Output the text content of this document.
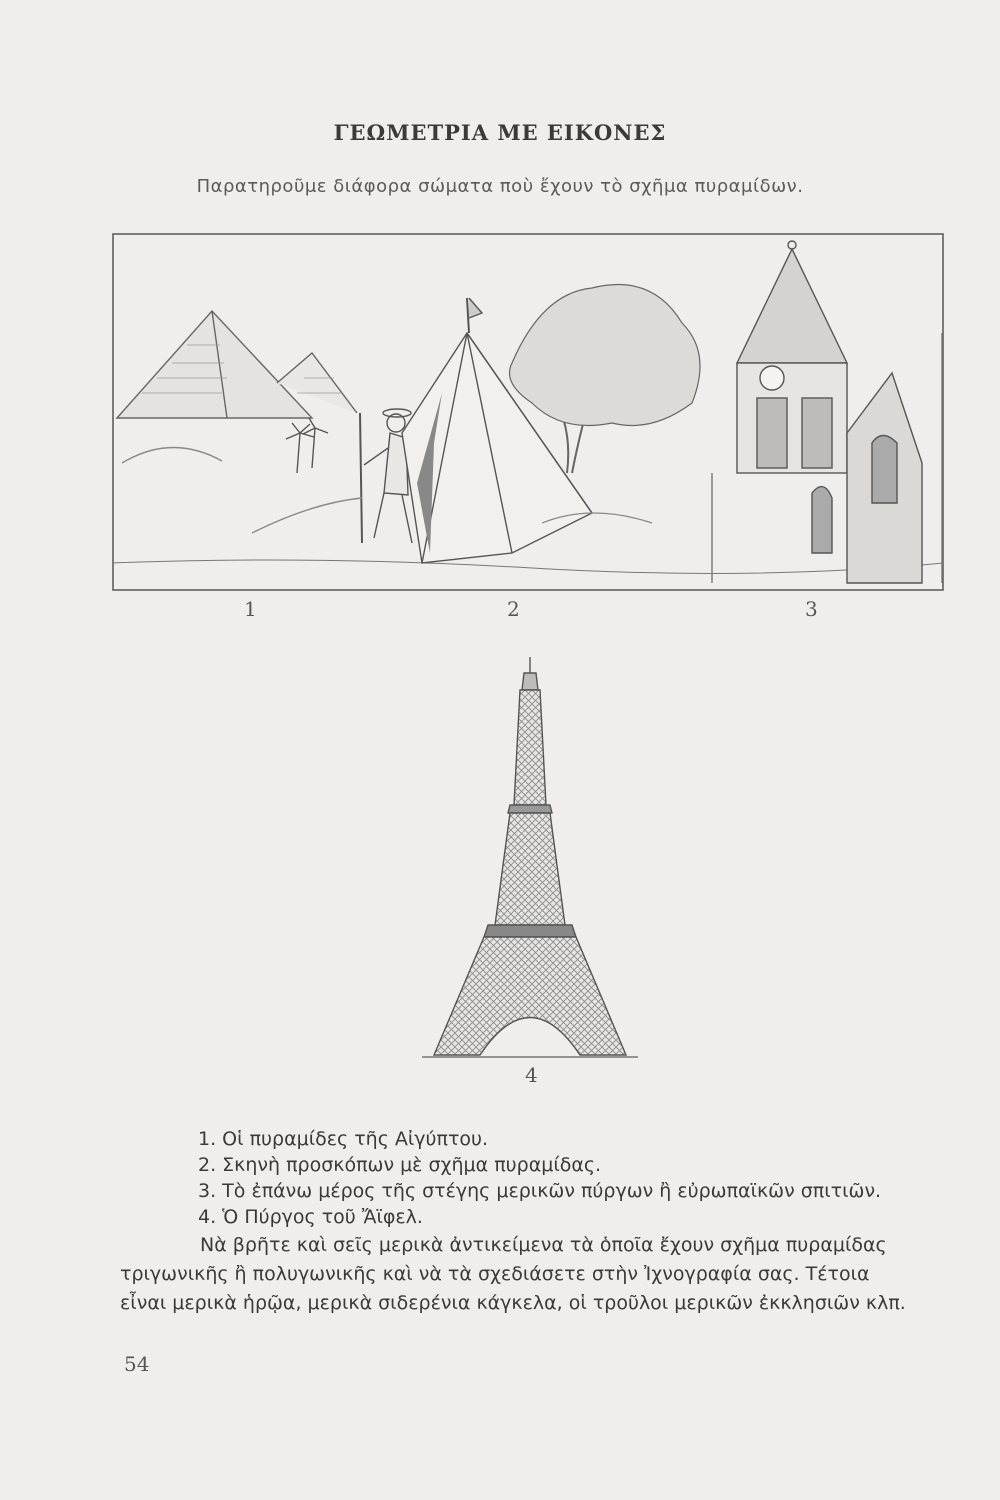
ΓΕΩΜΕΤΡΙΑ ΜΕ ΕΙΚΟΝΕΣ
Παρατηροῦμε διάφορα σώματα ποὺ ἔχουν τὸ σχῆμα πυραμίδων.
1	2	3
4
1. Οἱ πυραμίδες τῆς Αἰγύπτου.
2. Σκηνὴ προσκόπων μὲ σχῆμα πυραμίδας.
3. Τὸ ἐπάνω μέρος τῆς στέγης μερικῶν πύργων ἢ εὐρωπαϊκῶν σπιτιῶν.
4. Ὁ Πύργος τοῦ Ἄϊφελ.
Νὰ βρῆτε καὶ σεῖς μερικὰ ἀντικείμενα τὰ ὁποῖα ἔχουν σχῆμα πυραμίδας
τριγωνικῆς ἢ πολυγωνικῆς καὶ νὰ τὰ σχεδιάσετε στὴν Ἰχνογραφία σας. Τέτοια
εἶναι μερικὰ ἡρῷα, μερικὰ σιδερένια κάγκελα, οἱ τροῦλοι μερικῶν ἐκκλησιῶν κλπ.
54
